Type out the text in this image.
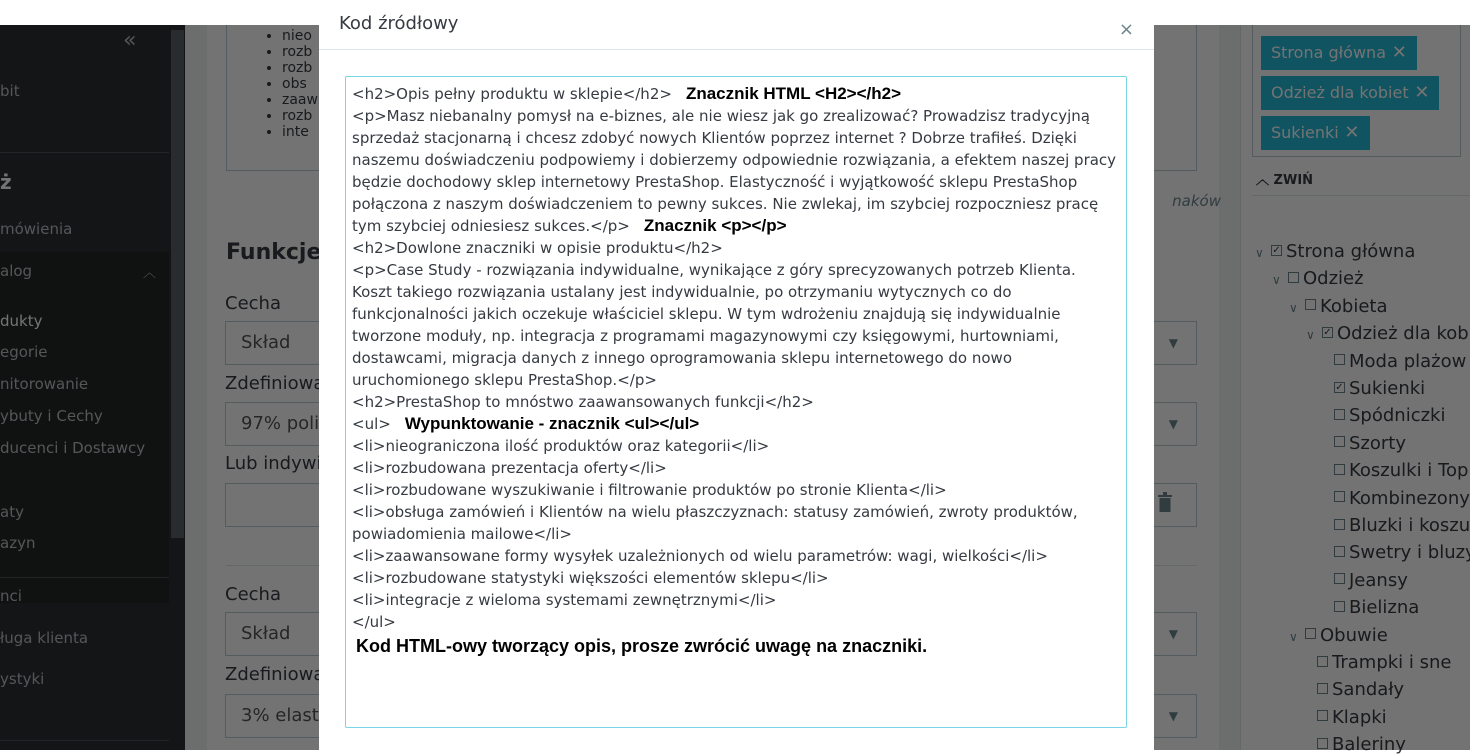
•
•
•
•
•
•
•
Kod źródłowy	×
<h2>Opis pełny produktu w sklepie</h2> Znacznik HTML <H2></h2>
<p>Masz niebanalny pomysł na e-biznes, ale nie wiesz jak go zrealizować? Prowadzisz tradycyjną sprzedaż stacjonarną i chcesz zdobyć nowych Klientów poprzez internet ? Dobrze trafiłeś. Dzięki naszemu doświadczeniu podpowiemy i dobierzemy odpowiednie rozwiązania, a efektem naszej pracy będzie dochodowy sklep internetowy PrestaShop. Elastyczność i wyjątkowość sklepu PrestaShop połączona z naszym doświadczeniem to pewny sukces. Nie zwlekaj, im szybciej rozpoczniesz pracę tym szybciej odniesiesz sukces.</p> Znacznik <p></p>
<h2>Dowlone znaczniki w opisie produktu</h2>
<p>Case Study - rozwiązania indywidualne, wynikające z góry sprecyzowanych potrzeb Klienta. Koszt takiego rozwiązania ustalany jest indywidualnie, po otrzymaniu wytycznych co do funkcjonalności jakich oczekuje właściciel sklepu. W tym wdrożeniu znajdują się indywidualnie tworzone moduły, np. integracja z programami magazynowymi czy księgowymi, hurtowniami, dostawcami, migracja danych z innego oprogramowania sklepu internetowego do nowo uruchomionego sklepu PrestaShop.</p>
<h2>PrestaShop to mnóstwo zaawansowanych funkcji</h2>
<ul> Wypunktowanie - znacznik <ul></ul>
<li>nieograniczona ilość produktów oraz kategorii</li>
<li>rozbudowana prezentacja oferty</li>
<li>rozbudowane wyszukiwanie i filtrowanie produktów po stronie Klienta</li>
<li>obsługa zamówień i Klientów na wielu płaszczyznach: statusy zamówień, zwroty produktów, powiadomienia mailowe</li>
<li>zaawansowane formy wysyłek uzależnionych od wielu parametrów: wagi, wielkości</li>
<li>rozbudowane statystyki większości elementów sklepu</li>
<li>integracje z wieloma systemami zewnętrznymi</li>
</ul>
Kod HTML-owy tworzący opis, prosze zwrócić uwagę na znaczniki.
